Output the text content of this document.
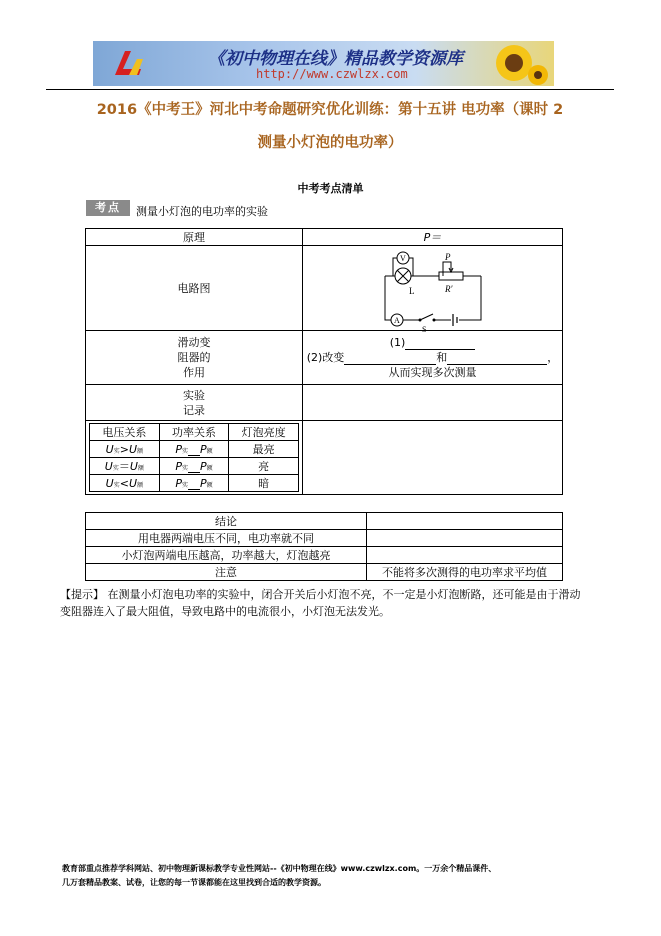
《初中物理在线》精品教学资源库
http://www.czwlzx.com
2016《中考王》河北中考命题研究优化训练：第十五讲 电功率（课时 2
测量小灯泡的电功率）
中考考点清单
考点	测量小灯泡的电功率的实验
原理	P＝
电路图	L
V	P
R′
A
S

滑动变
阻器的
作用	(1)
(2)改变	和	，
从而实现多次测量
实验
记录	

电压关系	功率关系	灯泡亮度
U实>U额	P实 P额	最亮
U实＝U额	P实 P额	亮
U实<U额	P实 P额	暗

结论	
用电器两端电压不同，电功率就不同	
小灯泡两端电压越高，功率越大，灯泡越亮	
注意	不能将多次测得的电功率求平均值
【提示】 在测量小灯泡电功率的实验中，闭合开关后小灯泡不亮，不一定是小灯泡断路，还可能是由于滑动变阻器连入了最大阻值，导致电路中的电流很小，小灯泡无法发光。
教育部重点推荐学科网站、初中物理新课标教学专业性网站--《初中物理在线》www.czwlzx.com。一万余个精品课件、
几万套精品教案、试卷，让您的每一节课都能在这里找到合适的教学资源。
